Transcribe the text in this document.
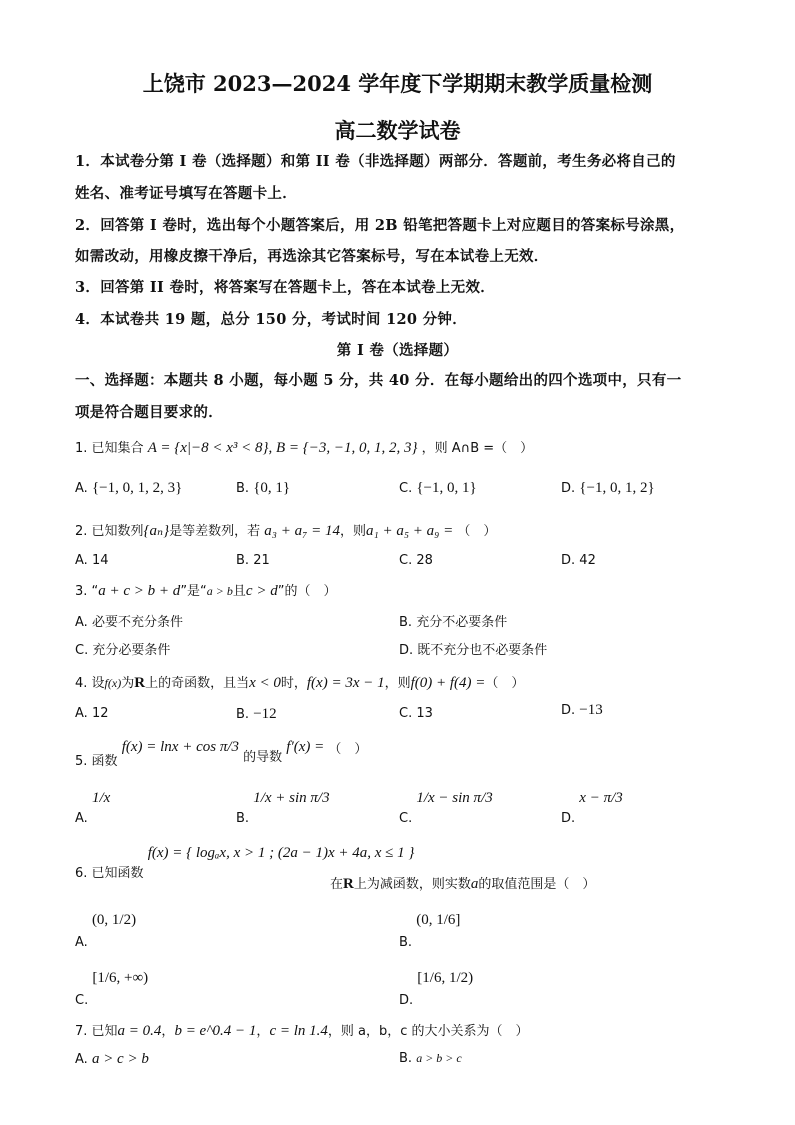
上饶市 2023—2024 学年度下学期期末教学质量检测
高二数学试卷
1．本试卷分第 I 卷（选择题）和第 II 卷（非选择题）两部分．答题前，考生务必将自己的
姓名、准考证号填写在答题卡上．
2．回答第 I 卷时，选出每个小题答案后，用 2B 铅笔把答题卡上对应题目的答案标号涂黑，
如需改动，用橡皮擦干净后，再选涂其它答案标号，写在本试卷上无效．
3．回答第 II 卷时，将答案写在答题卡上，答在本试卷上无效．
4．本试卷共 19 题，总分 150 分，考试时间 120 分钟．
第 I 卷（选择题）
一、选择题：本题共 8 小题，每小题 5 分，共 40 分．在每小题给出的四个选项中，只有一
项是符合题目要求的．
1. 已知集合 A = {x|−8 < x³ < 8}, B = {−3, −1, 0, 1, 2, 3} ，则 A∩B =（　）
A. {−1, 0, 1, 2, 3}	B. {0, 1}	C. {−1, 0, 1}	D. {−1, 0, 1, 2}
2. 已知数列{aₙ}是等差数列，若 a₃ + a₇ = 14，则a₁ + a₅ + a₉ = （　）
A. 14	B. 21	C. 28	D. 42
3. “a + c > b + d”是“a > b且c > d”的（　）
A. 必要不充分条件	B. 充分不必要条件
C. 充分必要条件	D. 既不充分也不必要条件
4. 设f(x)为R上的奇函数，且当x < 0时，f(x) = 3x − 1，则f(0) + f(4) =（　）
A. 12	B. −12	C. 13	D. −13
5. 函数 f(x) = lnx + cos π/3 的导数 f′(x) = （　）
A. 1/x
B. 1/x + sin π/3
C. 1/x − sin π/3
D. x − π/3
6. 已知函数 f(x) = { logₐx, x > 1 ; (2a − 1)x + 4a, x ≤ 1 }
在R上为减函数，则实数a的取值范围是（　）
A. (0, 1/2)
B. (0, 1/6]
C. [1/6, +∞)
D. [1/6, 1/2)
7. 已知a = 0.4，b = e^0.4 − 1，c = ln 1.4，则 a，b，c 的大小关系为（　）
A. a > c > b	B. a > b > c
